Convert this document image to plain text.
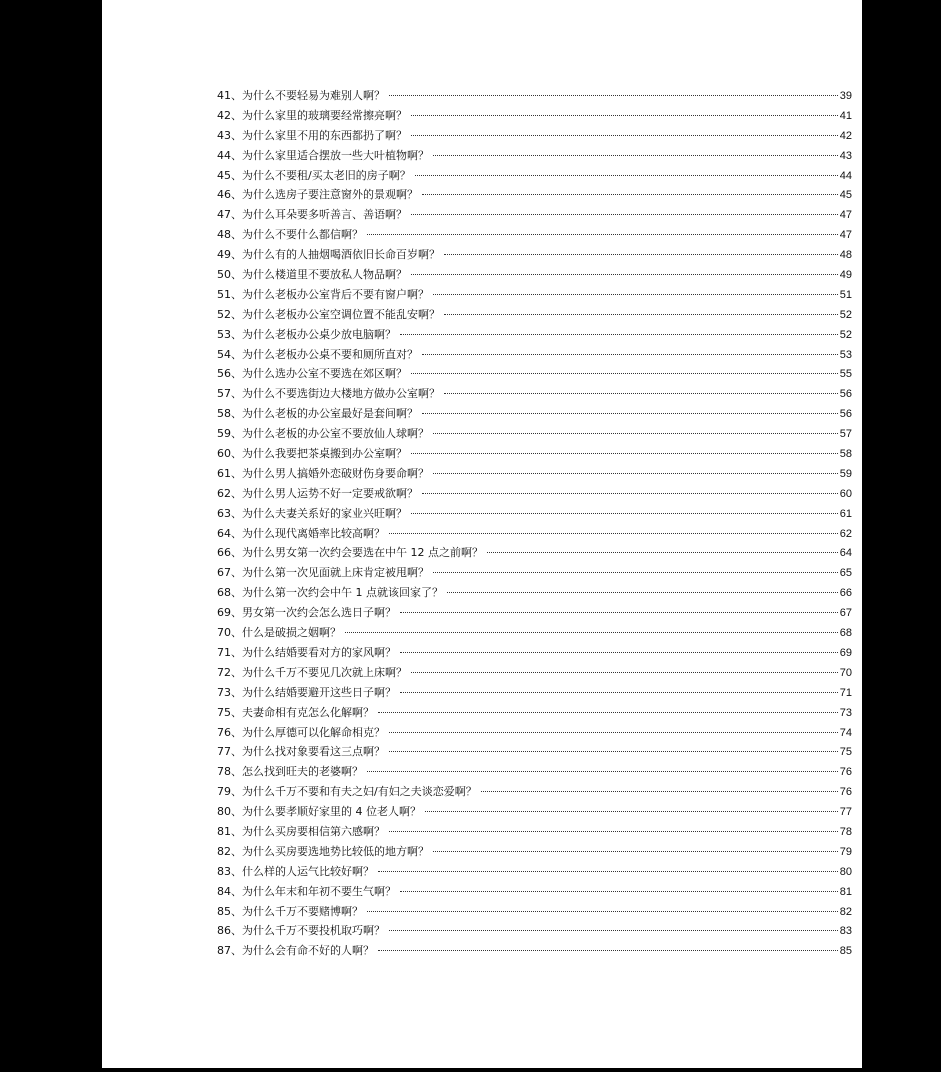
41、为什么不要轻易为难别人啊？	39
42、为什么家里的玻璃要经常擦亮啊？	41
43、为什么家里不用的东西都扔了啊？	42
44、为什么家里适合摆放一些大叶植物啊？	43
45、为什么不要租/买太老旧的房子啊？	44
46、为什么选房子要注意窗外的景观啊？	45
47、为什么耳朵要多听善言、善语啊？	47
48、为什么不要什么都信啊？	47
49、为什么有的人抽烟喝酒依旧长命百岁啊？	48
50、为什么楼道里不要放私人物品啊？	49
51、为什么老板办公室背后不要有窗户啊？	51
52、为什么老板办公室空调位置不能乱安啊？	52
53、为什么老板办公桌少放电脑啊？	52
54、为什么老板办公桌不要和厕所直对？	53
56、为什么选办公室不要选在郊区啊？	55
57、为什么不要选街边大楼地方做办公室啊？	56
58、为什么老板的办公室最好是套间啊？	56
59、为什么老板的办公室不要放仙人球啊？	57
60、为什么我要把茶桌搬到办公室啊？	58
61、为什么男人搞婚外恋破财伤身要命啊？	59
62、为什么男人运势不好一定要戒欲啊？	60
63、为什么夫妻关系好的家业兴旺啊？	61
64、为什么现代离婚率比较高啊？	62
66、为什么男女第一次约会要选在中午 12 点之前啊？	64
67、为什么第一次见面就上床肯定被甩啊？	65
68、为什么第一次约会中午 1 点就该回家了？	66
69、男女第一次约会怎么选日子啊？	67
70、什么是破损之姻啊？	68
71、为什么结婚要看对方的家风啊？	69
72、为什么千万不要见几次就上床啊？	70
73、为什么结婚要避开这些日子啊？	71
75、夫妻命相有克怎么化解啊？	73
76、为什么厚德可以化解命相克？	74
77、为什么找对象要看这三点啊？	75
78、怎么找到旺夫的老婆啊？	76
79、为什么千万不要和有夫之妇/有妇之夫谈恋爱啊？	76
80、为什么要孝顺好家里的 4 位老人啊？	77
81、为什么买房要相信第六感啊？	78
82、为什么买房要选地势比较低的地方啊？	79
83、什么样的人运气比较好啊？	80
84、为什么年末和年初不要生气啊？	81
85、为什么千万不要赌博啊？	82
86、为什么千万不要投机取巧啊？	83
87、为什么会有命不好的人啊？	85
